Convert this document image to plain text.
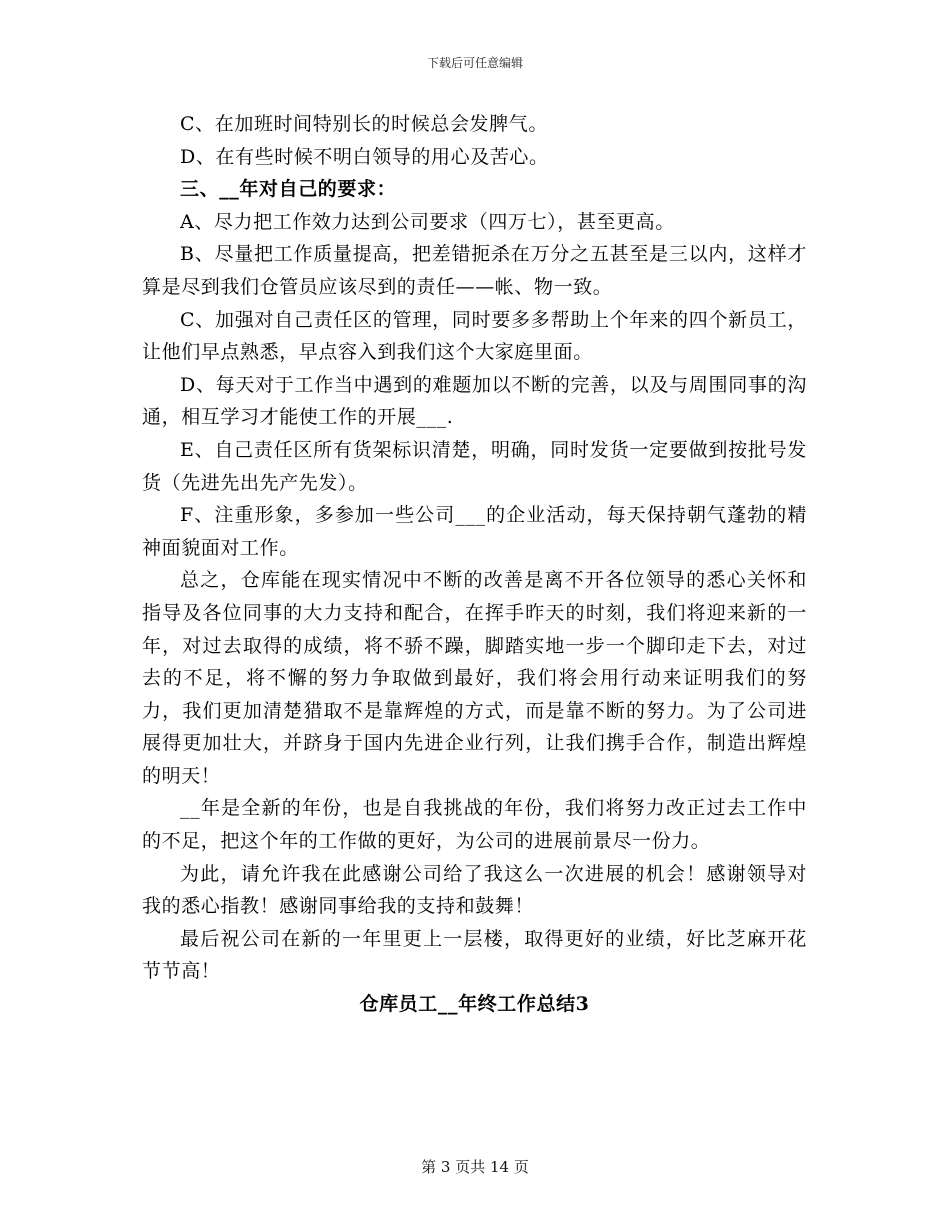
下载后可任意编辑

C、在加班时间特别长的时候总会发脾气。

D、在有些时候不明白领导的用心及苦心。

三、__年对自己的要求：

A、尽力把工作效力达到公司要求（四万七），甚至更高。

B、尽量把工作质量提高，把差错扼杀在万分之五甚至是三以内，这样才算是尽到我们仓管员应该尽到的责任——帐、物一致。

C、加强对自己责任区的管理，同时要多多帮助上个年来的四个新员工，让他们早点熟悉，早点容入到我们这个大家庭里面。

D、每天对于工作当中遇到的难题加以不断的完善，以及与周围同事的沟通，相互学习才能使工作的开展___.

E、自己责任区所有货架标识清楚，明确，同时发货一定要做到按批号发货（先进先出先产先发）。

F、注重形象，多参加一些公司___的企业活动，每天保持朝气蓬勃的精神面貌面对工作。

总之，仓库能在现实情况中不断的改善是离不开各位领导的悉心关怀和指导及各位同事的大力支持和配合，在挥手昨天的时刻，我们将迎来新的一年，对过去取得的成绩，将不骄不躁，脚踏实地一步一个脚印走下去，对过去的不足，将不懈的努力争取做到最好，我们将会用行动来证明我们的努力，我们更加清楚猎取不是靠辉煌的方式，而是靠不断的努力。为了公司进展得更加壮大，并跻身于国内先进企业行列，让我们携手合作，制造出辉煌的明天！

__年是全新的年份，也是自我挑战的年份，我们将努力改正过去工作中的不足，把这个年的工作做的更好，为公司的进展前景尽一份力。

为此，请允许我在此感谢公司给了我这么一次进展的机会！感谢领导对我的悉心指教！感谢同事给我的支持和鼓舞！

最后祝公司在新的一年里更上一层楼，取得更好的业绩，好比芝麻开花节节高！

仓库员工__年终工作总结3

第 3 页共 14 页
